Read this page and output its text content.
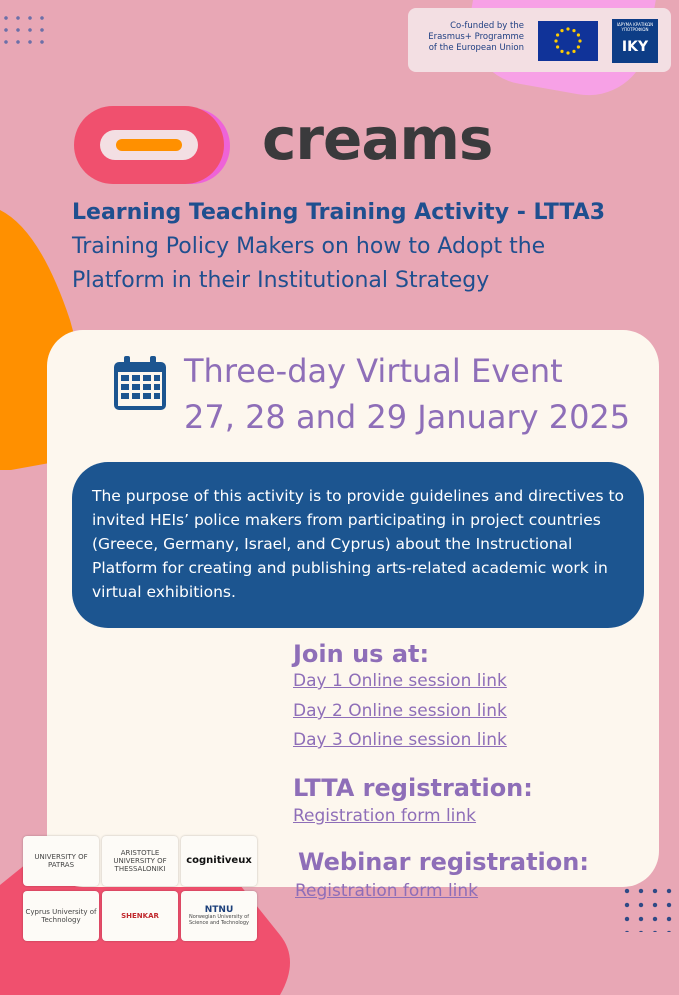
Co-funded by the Erasmus+ Programme of the European Union
ΙΔΡΥΜΑ ΚΡΑΤΙΚΩΝ ΥΠΟΤΡΟΦΙΩΝ
IKY
creams
Learning Teaching Training Activity - LTTA3
Training Policy Makers on how to Adopt the
Platform in their Institutional Strategy
Three-day Virtual Event
27, 28 and 29 January 2025
The purpose of this activity is to provide guidelines and directives to invited HEIs’ police makers from participating in project countries (Greece, Germany, Israel, and Cyprus) about the Instructional Platform for creating and publishing arts-related academic work in virtual exhibitions.
Join us at:
Day 1 Online session link
Day 2 Online session link
Day 3 Online session link
LTTA registration:
Registration form link
Webinar registration:
Registration form link
UNIVERSITY OF PATRAS
ARISTOTLE UNIVERSITY OF THESSALONIKI
cognitiveux
Cyprus University of Technology	SHENKAR
NTNU
Norwegian University of Science and Technology
